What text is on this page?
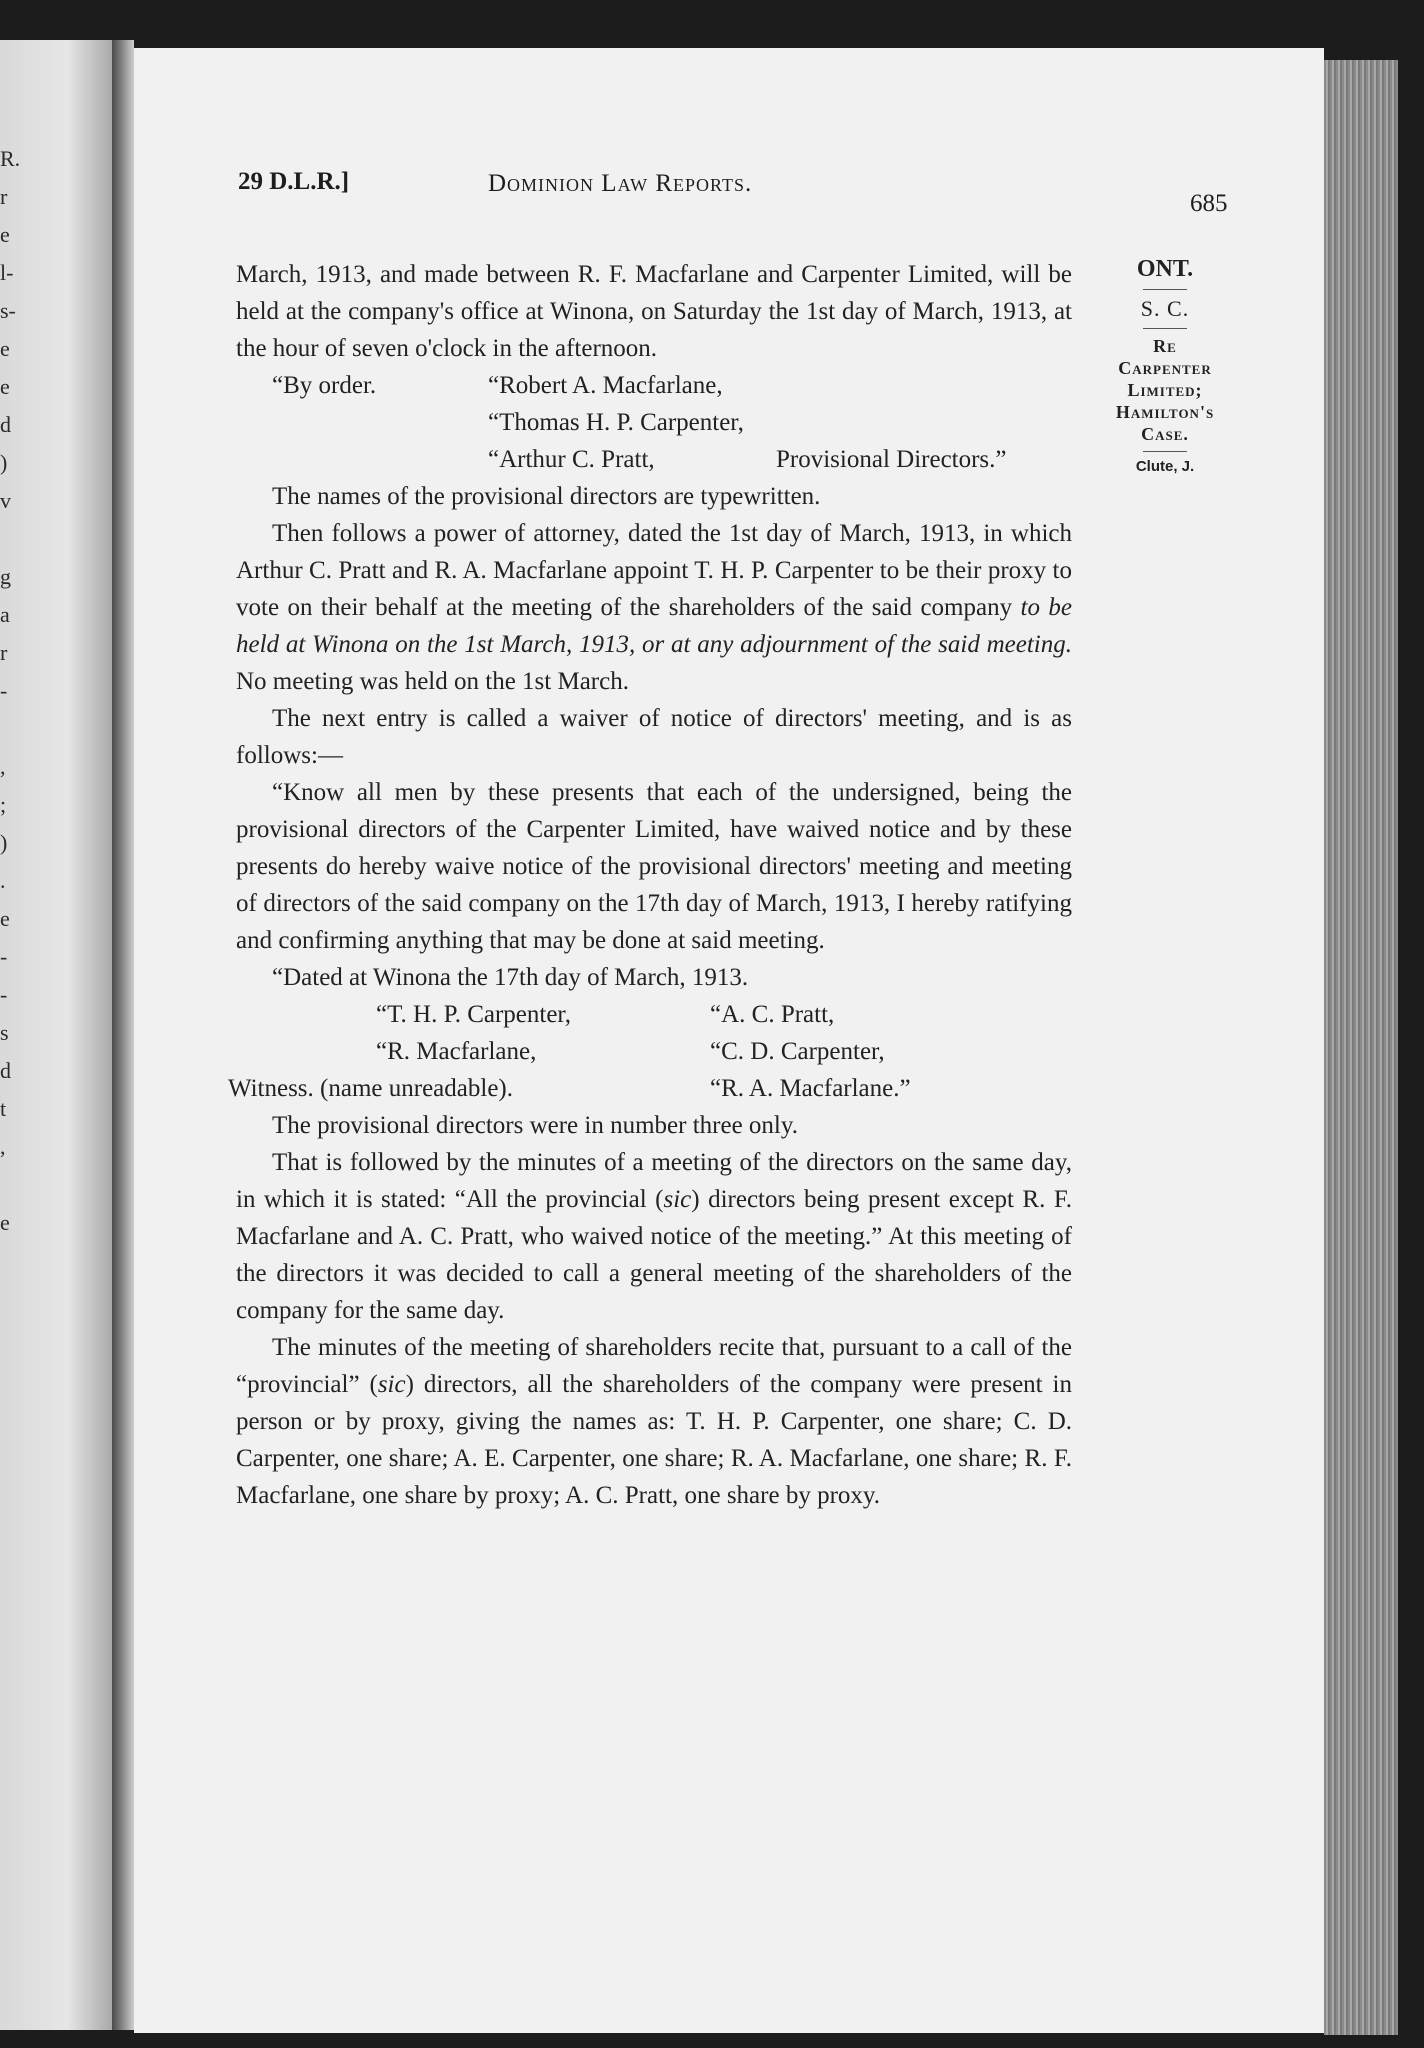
R.
r
e
l-
s-
e
e
d
)
v
g
a
r
-
,
;
)
.
e
-
-
s
d
t
,
e
29 D.L.R.]	Dominion Law Reports.
685
ONT.
S. C.
Re
Carpenter
Limited;
Hamilton's
Case.
Clute, J.

March, 1913, and made between R. F. Macfarlane and Carpenter Limited, will be held at the company's office at Winona, on Saturday the 1st day of March, 1913, at the hour of seven o'clock in the afternoon.

“By order.	“Robert A. Macfarlane,
“Thomas H. P. Carpenter,
“Arthur C. Pratt,	Provisional Directors.”

The names of the provisional directors are typewritten.

Then follows a power of attorney, dated the 1st day of March, 1913, in which Arthur C. Pratt and R. A. Macfarlane appoint T. H. P. Carpenter to be their proxy to vote on their behalf at the meeting of the shareholders of the said company to be held at Winona on the 1st March, 1913, or at any adjournment of the said meeting. No meeting was held on the 1st March.

The next entry is called a waiver of notice of directors' meeting, and is as follows:—

“Know all men by these presents that each of the undersigned, being the provisional directors of the Carpenter Limited, have waived notice and by these presents do hereby waive notice of the provisional directors' meeting and meeting of directors of the said company on the 17th day of March, 1913, I hereby ratifying and confirming anything that may be done at said meeting.

“Dated at Winona the 17th day of March, 1913.

“T. H. P. Carpenter,	“A. C. Pratt,
“R. Macfarlane,	“C. D. Carpenter,
Witness. (name unreadable).	“R. A. Macfarlane.”

The provisional directors were in number three only.

That is followed by the minutes of a meeting of the directors on the same day, in which it is stated: “All the provincial (sic) directors being present except R. F. Macfarlane and A. C. Pratt, who waived notice of the meeting.” At this meeting of the directors it was decided to call a general meeting of the shareholders of the company for the same day.

The minutes of the meeting of shareholders recite that, pursuant to a call of the “provincial” (sic) directors, all the shareholders of the company were present in person or by proxy, giving the names as: T. H. P. Carpenter, one share; C. D. Carpenter, one share; A. E. Carpenter, one share; R. A. Macfarlane, one share; R. F. Macfarlane, one share by proxy; A. C. Pratt, one share by proxy.
